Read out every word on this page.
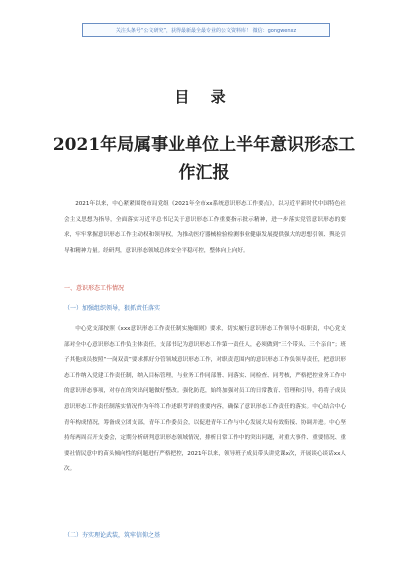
关注头条号“公文研究”，获得最新最全最专业的公文资料库！ 微信：gongwenxz
目 录
2021年局属事业单位上半年意识形态工作汇报
2021年以来，中心紧紧围绕市局党组《2021年全市xx系统意识形态工作要点》，以习近平新时代中国特色社会主义思想为指导，全面落实习近平总书记关于意识形态工作重要指示批示精神，进一步落实党管意识形态的要求，牢牢掌握意识形态工作主动权和领导权，为推动医疗器械检验检测事业健康发展提供强大的思想引领、舆论引导和精神力量。经研判，意识形态领域总体安全平稳可控，整体向上向好。
一、意识形态工作情况
（一）加强组织领导，狠抓责任落实
中心党支部按照《xxx意识形态工作责任制实施细则》要求，切实履行意识形态工作领导小组职责，中心党支部对全中心意识形态工作负主体责任，支部书记为意识形态工作第一责任人，必须做到“三个带头、三个亲自”；班子其他成员按照“一岗双责”要求抓好分管领域意识形态工作，对职责范围内的意识形态工作负领导责任，把意识形态工作纳入党建工作责任制，纳入目标管理，与业务工作同部署、同落实、同检查、同考核，严格把控业务工作中的意识形态事项，对存在的突出问题做好整改。强化防范，始终加强对员工的日常教育、管理和引导，将将子成员意识形态工作责任制落实情况作为年终工作述职考评的重要内容，确保了意识形态工作责任的落实。中心结合中心青年构成情况，筹备成立团支部，青年工作委员会，以促进青年工作与中心发展大局有效衔接、协调并进。中心坚持每两周召开支委会，定期分析研判意识形态领域情况，排析日常工作中的突出问题，对重大事件、重要情况、重要社情民意中的苗头倾向性的问题进行严格把控，2021年以来，领导班子成员带头讲党课x次，开展谈心谈话xx人次。
（二）夯实理论武装，筑牢信仰之基
